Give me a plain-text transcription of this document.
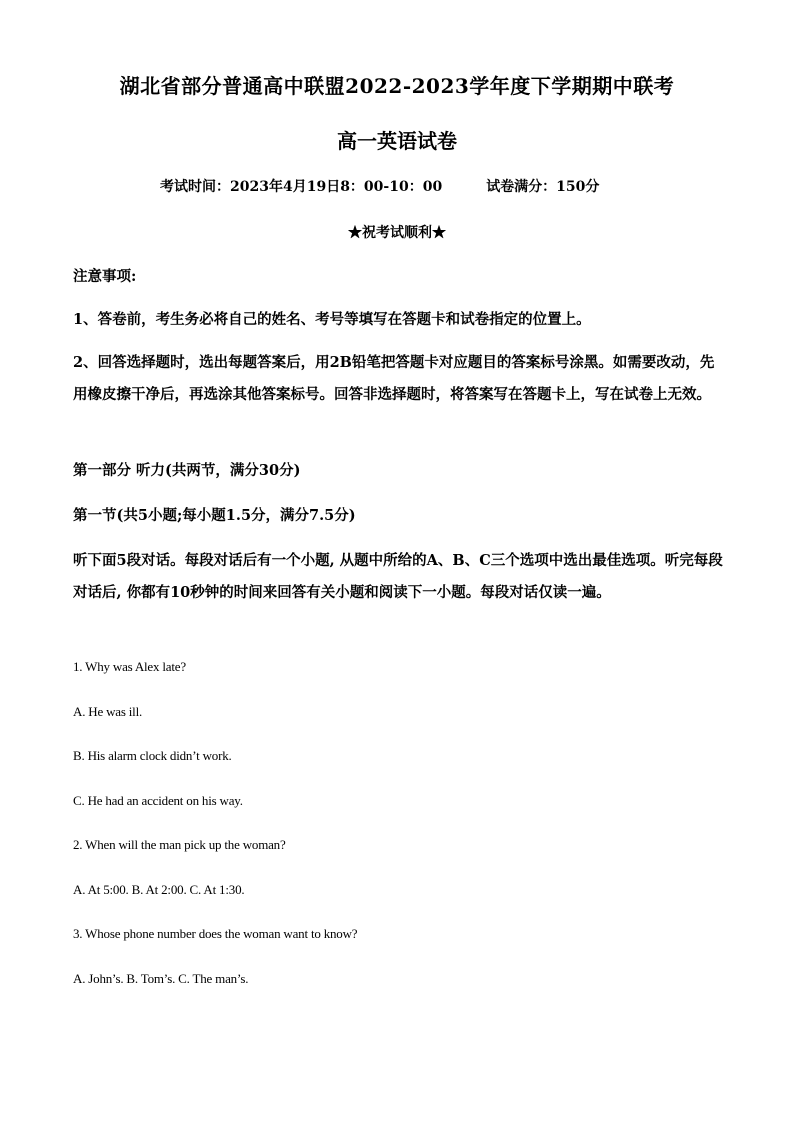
湖北省部分普通高中联盟2022-2023学年度下学期期中联考
高一英语试卷
考试时间：2023年4月19日8：00-10：00	试卷满分：150分
★祝考试顺利★
注意事项:
1、答卷前，考生务必将自己的姓名、考号等填写在答题卡和试卷指定的位置上。
2、回答选择题时，选出每题答案后，用2B铅笔把答题卡对应题目的答案标号涂黑。如需要改动，先用橡皮擦干净后，再选涂其他答案标号。回答非选择题时，将答案写在答题卡上，写在试卷上无效。
第一部分 听力(共两节，满分30分)
第一节(共5小题;每小题1.5分，满分7.5分)
听下面5段对话。每段对话后有一个小题, 从题中所给的A、B、C三个选项中选出最佳选项。听完每段对话后, 你都有10秒钟的时间来回答有关小题和阅读下一小题。每段对话仅读一遍。
1. Why was Alex late?
A. He was ill.
B. His alarm clock didn’t work.
C. He had an accident on his way.
2. When will the man pick up the woman?
A. At 5:00. B. At 2:00. C. At 1:30.
3. Whose phone number does the woman want to know?
A. John’s. B. Tom’s. C. The man’s.
